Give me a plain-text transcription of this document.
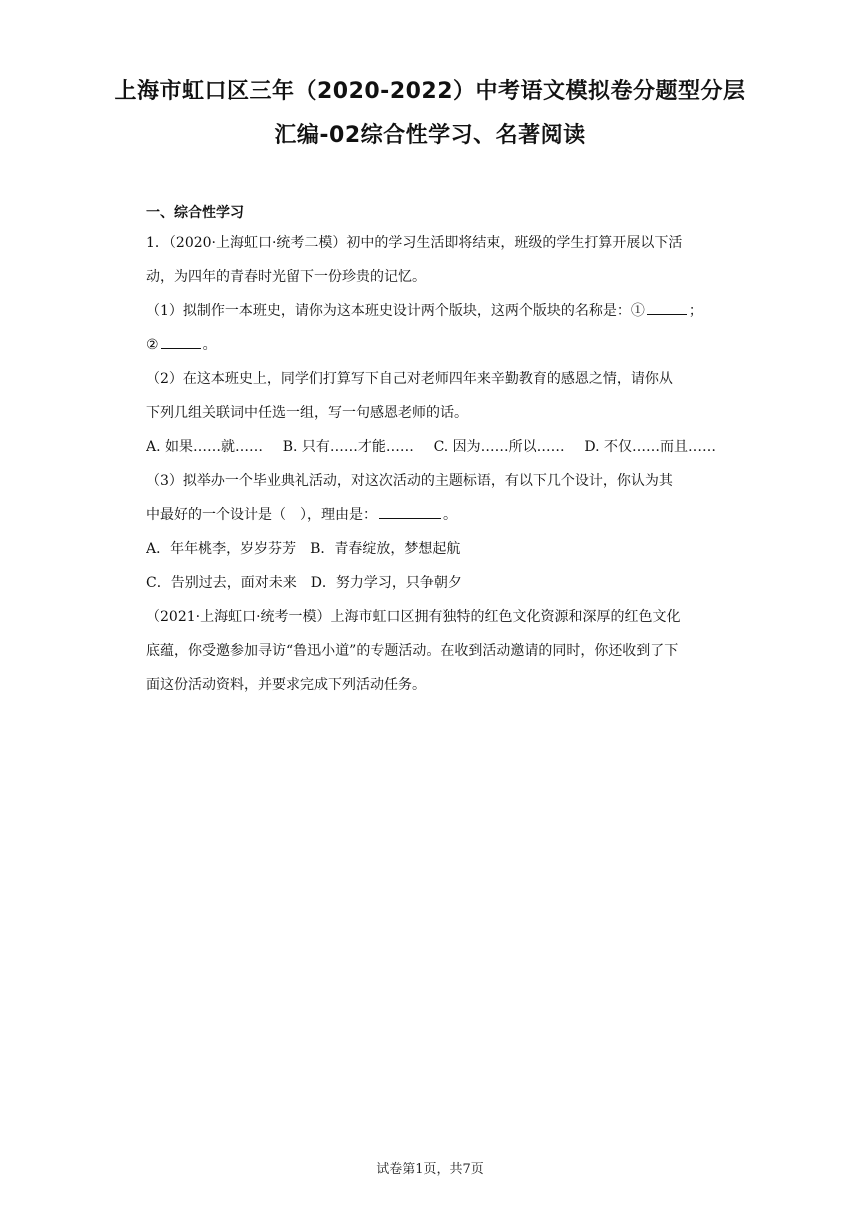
上海市虹口区三年（2020-2022）中考语文模拟卷分题型分层
汇编-02综合性学习、名著阅读
一、综合性学习
1．（2020·上海虹口·统考二模）初中的学习生活即将结束，班级的学生打算开展以下活
动，为四年的青春时光留下一份珍贵的记忆。
（1）拟制作一本班史，请你为这本班史设计两个版块，这两个版块的名称是：①	；
②	。
（2）在这本班史上，同学们打算写下自己对老师四年来辛勤教育的感恩之情，请你从
下列几组关联词中任选一组，写一句感恩老师的话。
A. 如果……就…… B. 只有……才能…… C. 因为……所以…… D. 不仅……而且……
（3）拟举办一个毕业典礼活动，对这次活动的主题标语，有以下几个设计，你认为其
中最好的一个设计是（　），理由是：	。
A．年年桃李，岁岁芬芳　B．青春绽放，梦想起航
C．告别过去，面对未来　D．努力学习，只争朝夕
（2021·上海虹口·统考一模）上海市虹口区拥有独特的红色文化资源和深厚的红色文化
底蕴，你受邀参加寻访“鲁迅小道”的专题活动。在收到活动邀请的同时，你还收到了下
面这份活动资料，并要求完成下列活动任务。
试卷第1页，共7页
